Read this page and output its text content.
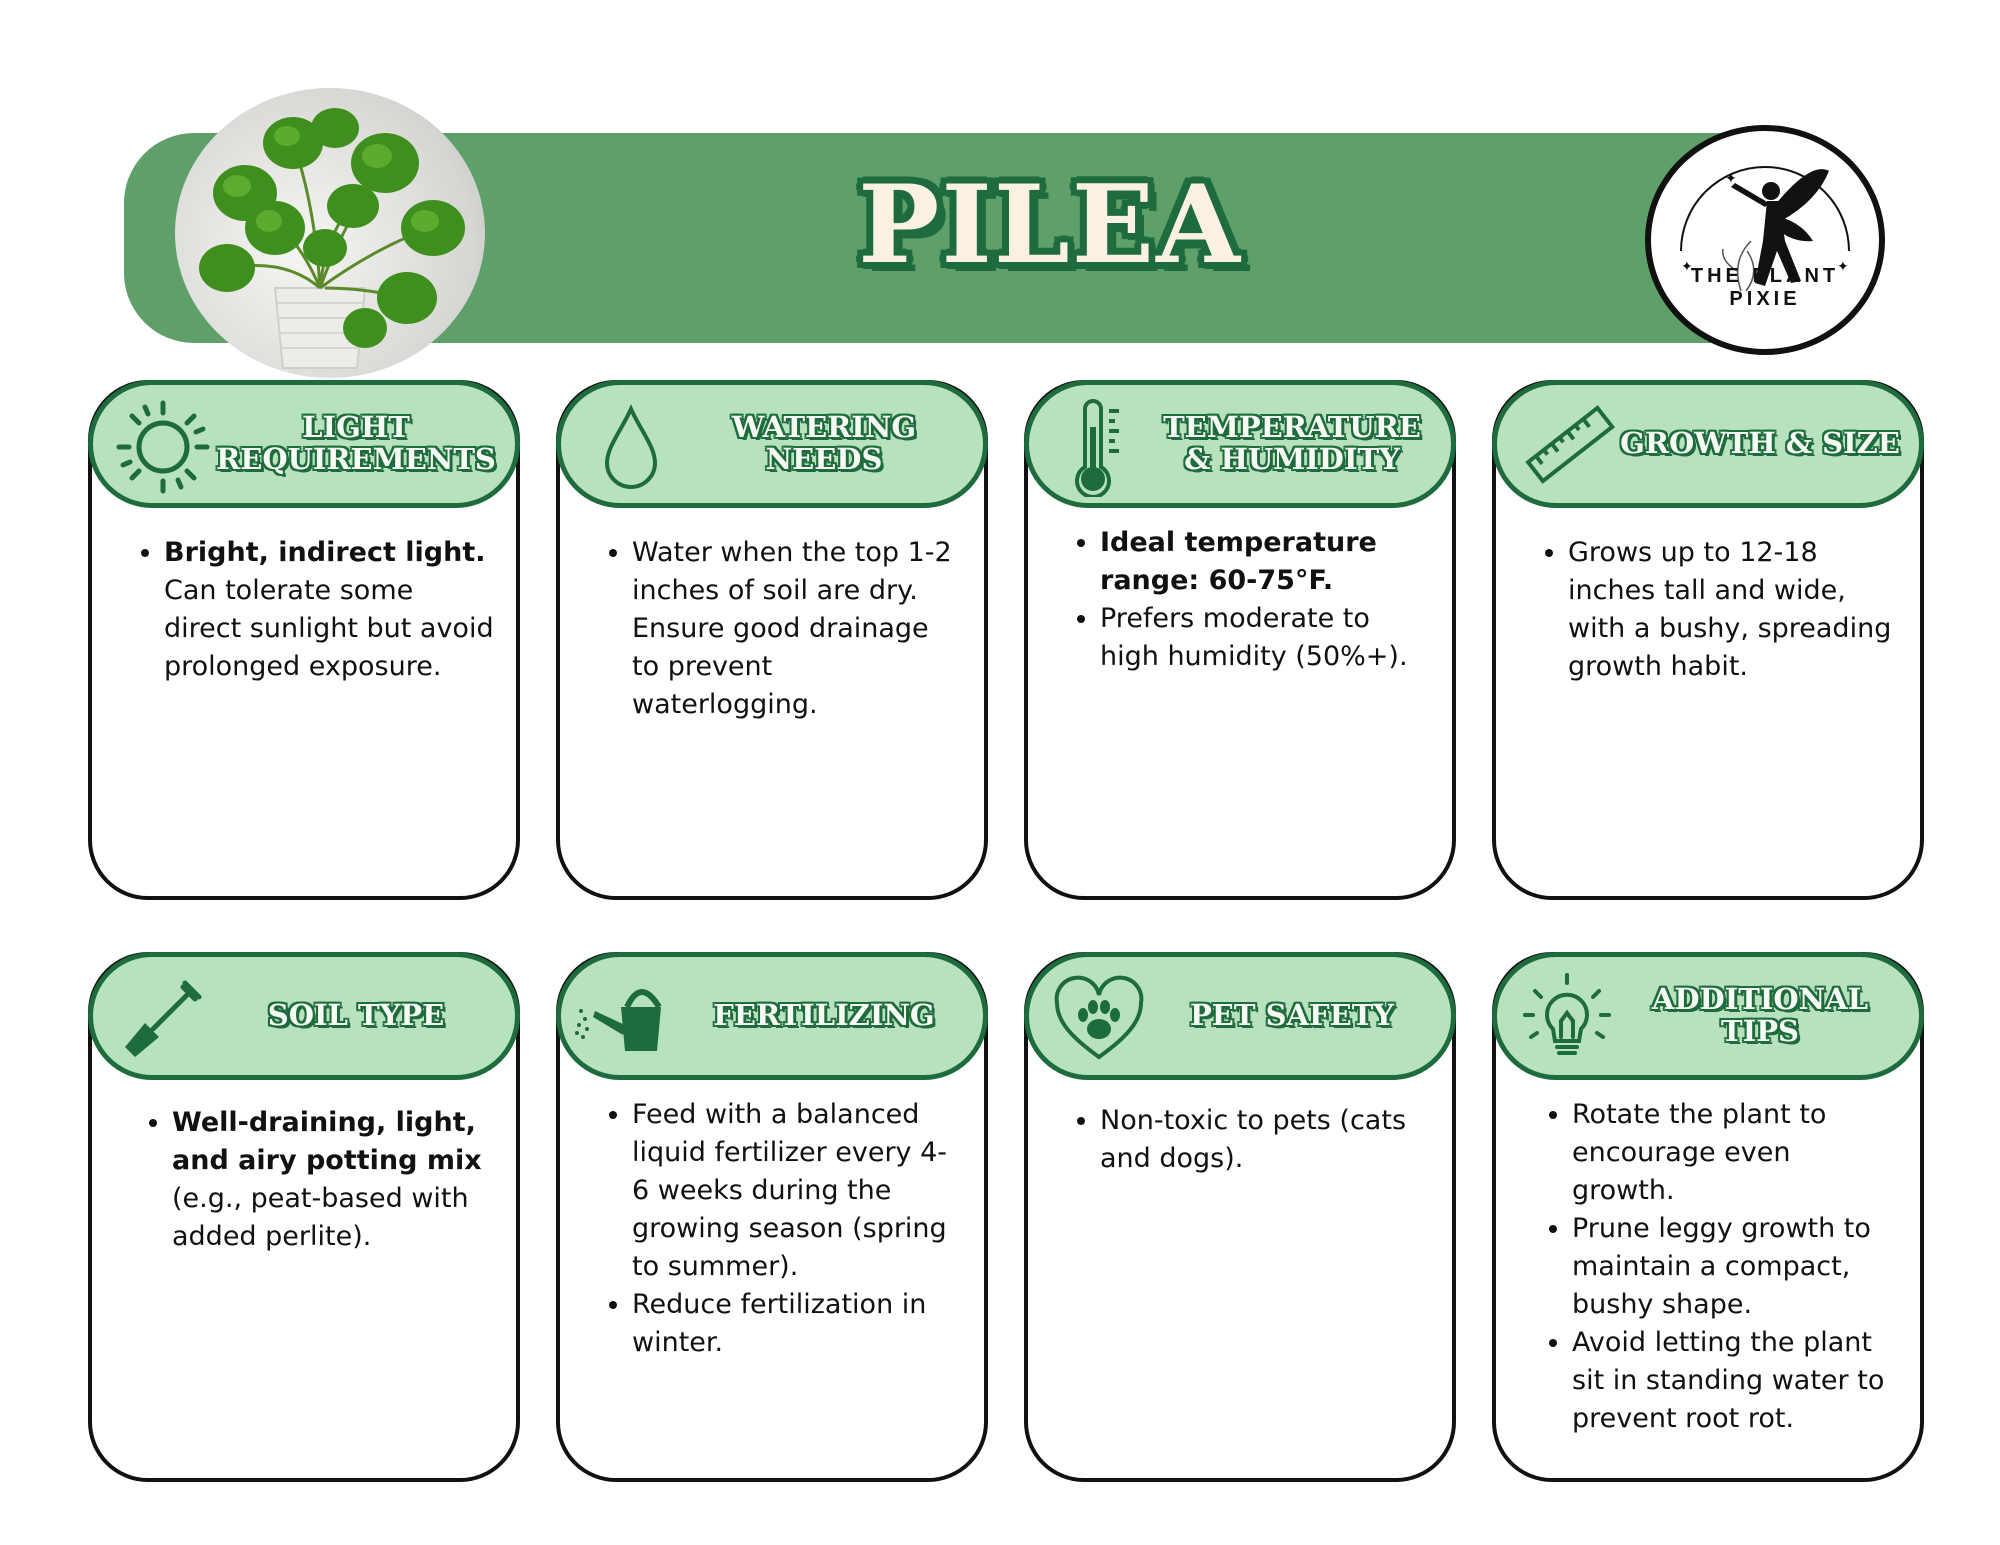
PILEA	✦
✦	✦
THE PLANT PIXIE
LIGHT REQUIREMENTS
• Bright, indirect light. Can tolerate some direct sunlight but avoid prolonged exposure.
WATERING NEEDS
• Water when the top 1-2 inches of soil are dry. Ensure good drainage to prevent waterlogging.
TEMPERATURE & HUMIDITY
• Ideal temperature range: 60-75°F.
• Prefers moderate to high humidity (50%+).
GROWTH & SIZE
• Grows up to 12-18 inches tall and wide, with a bushy, spreading growth habit.
SOIL TYPE
• Well-draining, light, and airy potting mix (e.g., peat-based with added perlite).
FERTILIZING
• Feed with a balanced liquid fertilizer every 4-6 weeks during the growing season (spring to summer).
• Reduce fertilization in winter.
PET SAFETY
• Non-toxic to pets (cats and dogs).
ADDITIONAL TIPS
• Rotate the plant to encourage even growth.
• Prune leggy growth to maintain a compact, bushy shape.
• Avoid letting the plant sit in standing water to prevent root rot.
